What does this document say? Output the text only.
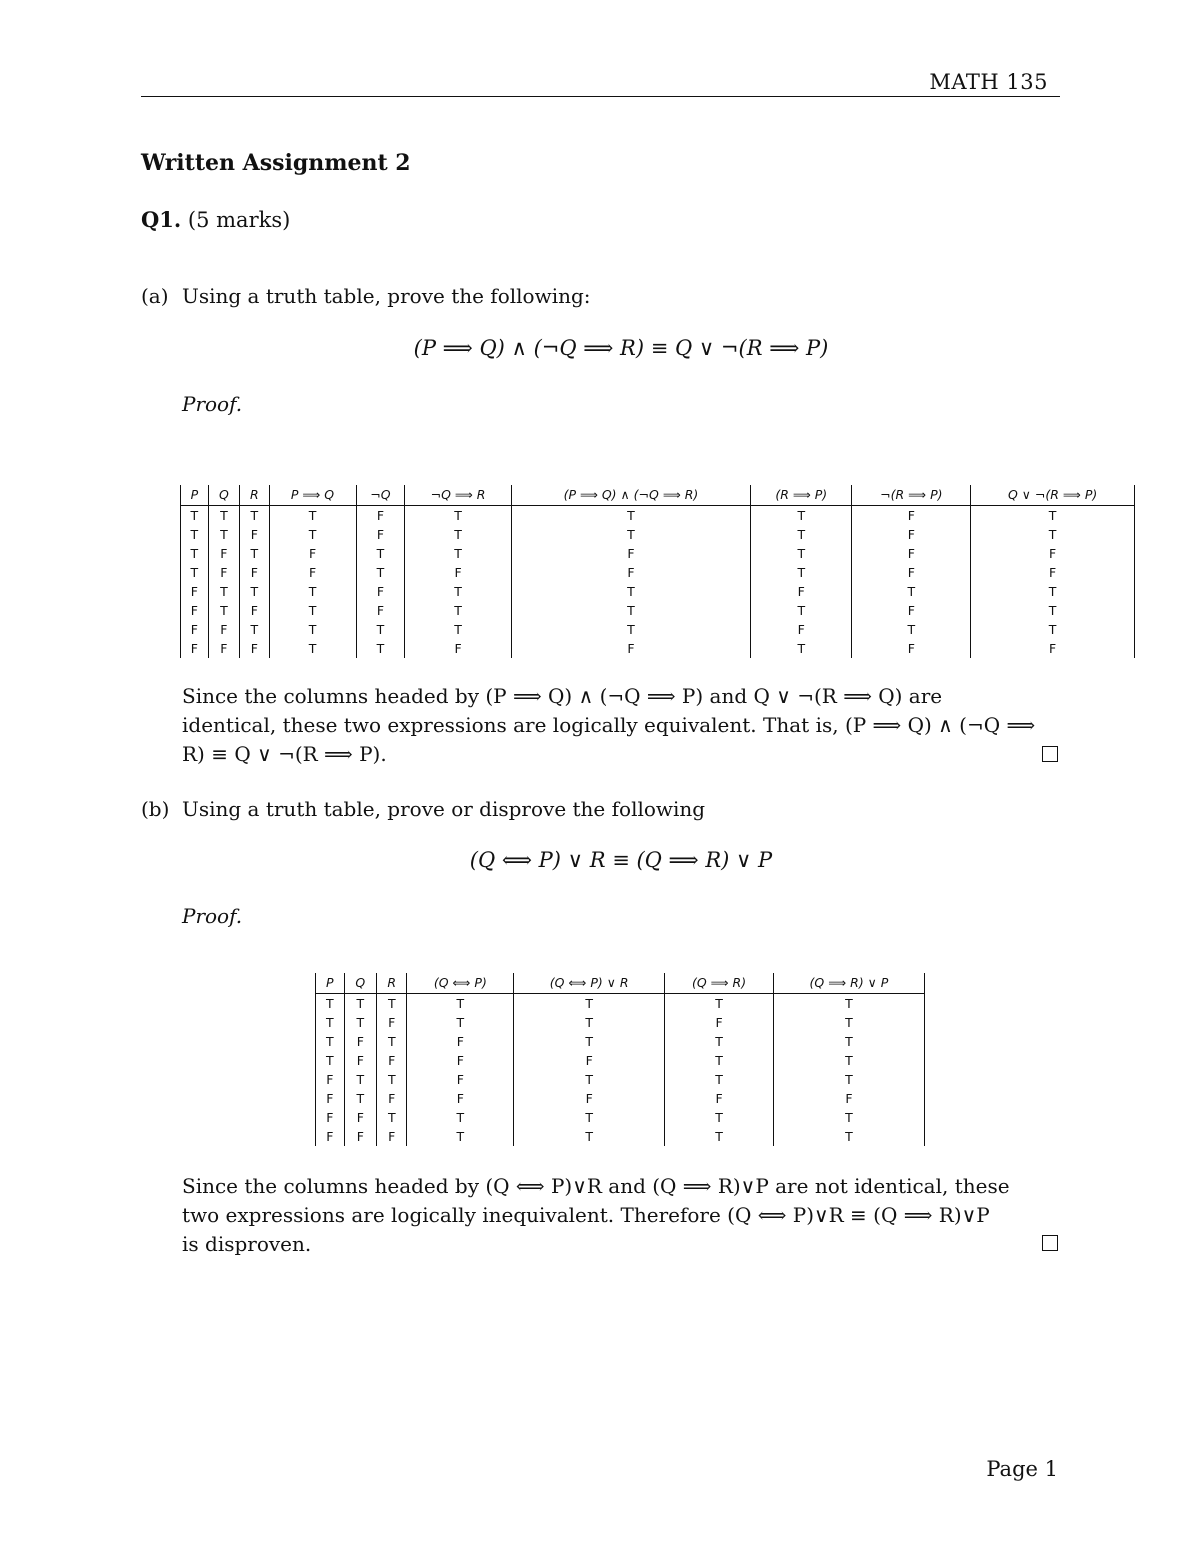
MATH 135
Written Assignment 2
Q1. (5 marks)
(a) Using a truth table, prove the following:
(P ⟹ Q) ∧ (¬Q ⟹ R) ≡ Q ∨ ¬(R ⟹ P)
Proof.
P	Q	R	P ⟹ Q	¬Q	¬Q ⟹ R	(P ⟹ Q) ∧ (¬Q ⟹ R)	(R ⟹ P)	¬(R ⟹ P)	Q ∨ ¬(R ⟹ P)
T	T	T	T	F	T	T	T	F	T
T	T	F	T	F	T	T	T	F	T
T	F	T	F	T	T	F	T	F	F
T	F	F	F	T	F	F	T	F	F
F	T	T	T	F	T	T	F	T	T
F	T	F	T	F	T	T	T	F	T
F	F	T	T	T	T	T	F	T	T
F	F	F	T	T	F	F	T	F	F
Since the columns headed by (P ⟹ Q) ∧ (¬Q ⟹ P) and Q ∨ ¬(R ⟹ Q) are
identical, these two expressions are logically equivalent. That is, (P ⟹ Q) ∧ (¬Q ⟹
R) ≡ Q ∨ ¬(R ⟹ P).
(b) Using a truth table, prove or disprove the following
(Q ⟺ P) ∨ R ≡ (Q ⟹ R) ∨ P
Proof.
P	Q	R	(Q ⟺ P)	(Q ⟺ P) ∨ R	(Q ⟹ R)	(Q ⟹ R) ∨ P
T	T	T	T	T	T	T
T	T	F	T	T	F	T
T	F	T	F	T	T	T
T	F	F	F	F	T	T
F	T	T	F	T	T	T
F	T	F	F	F	F	F
F	F	T	T	T	T	T
F	F	F	T	T	T	T
Since the columns headed by (Q ⟺ P)∨R and (Q ⟹ R)∨P are not identical, these
two expressions are logically inequivalent. Therefore (Q ⟺ P)∨R ≡ (Q ⟹ R)∨P
is disproven.
Page 1
